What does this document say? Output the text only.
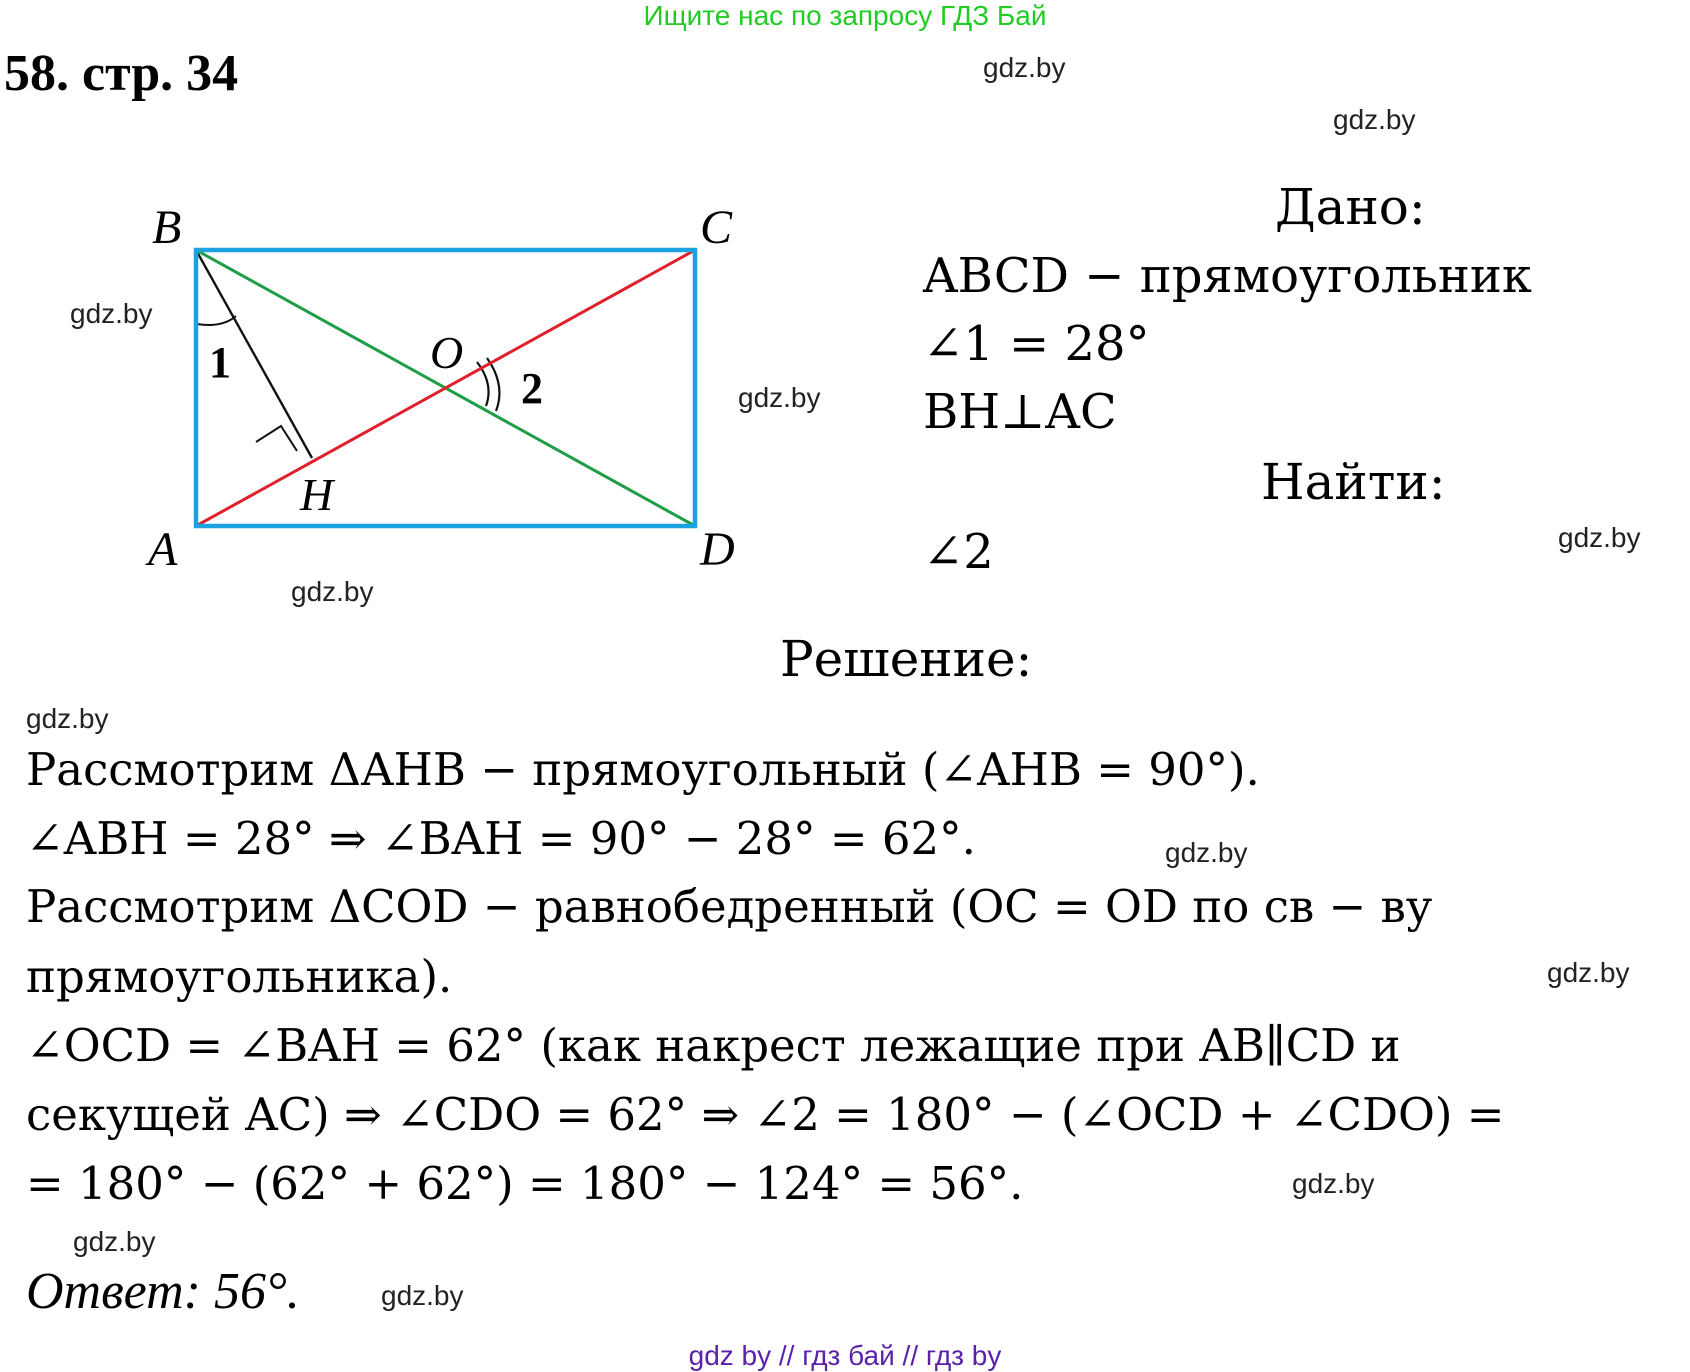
Ищите нас по запросу ГДЗ Бай
58. стр. 34	gdz.by
gdz.by
gdz.by
gdz.by
gdz.by
gdz.by
gdz.by
gdz.by
gdz.by
gdz.by
gdz.by
gdz.by
B	C
A	D
O
H
1
2
Дано:
ABCD − прямоугольник
∠1 = 28°
BH⊥AC
Найти:
∠2
Решение:
Рассмотрим ΔAHB − прямоугольный (∠AHB = 90°).
∠ABH = 28° ⇒ ∠BAH = 90° − 28° = 62°.
Рассмотрим ΔCOD − равнобедренный (OC = OD по св − ву
прямоугольника).
∠OCD = ∠BAH = 62° (как накрест лежащие при AB∥CD и
секущей AC) ⇒ ∠CDO = 62° ⇒ ∠2 = 180° − (∠OCD + ∠CDO) =
= 180° − (62° + 62°) = 180° − 124° = 56°.
Ответ: 56°.
gdz by // гдз бай // гдз by
